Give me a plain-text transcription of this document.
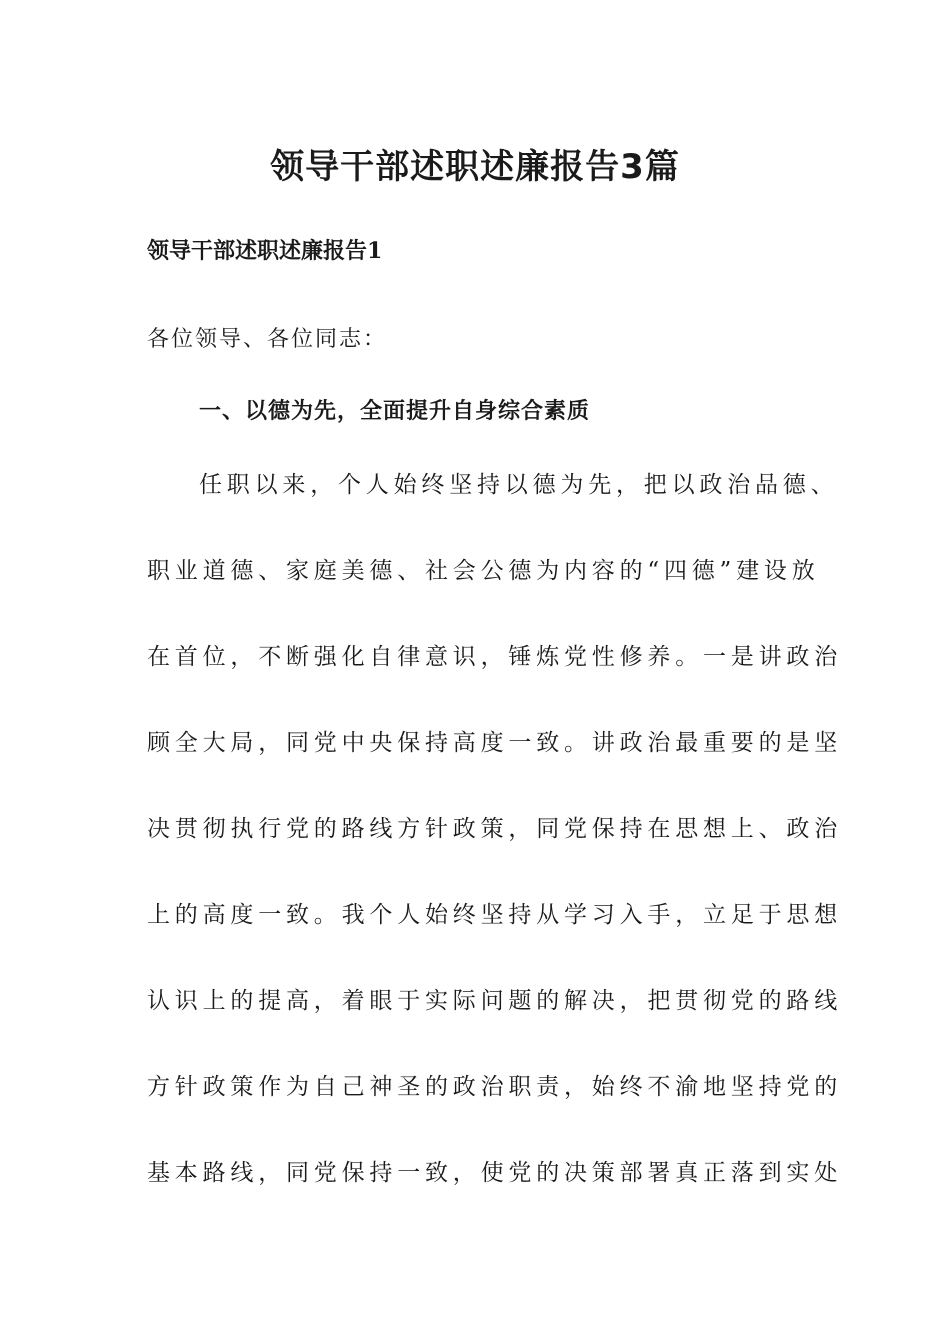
领导干部述职述廉报告3篇
领导干部述职述廉报告1
各位领导、各位同志：
一、以德为先，全面提升自身综合素质
任职以来，个人始终坚持以德为先，把以政治品德、
职业道德、家庭美德、社会公德为内容的“四德”建设放
在首位，不断强化自律意识，锤炼党性修养。一是讲政治
顾全大局，同党中央保持高度一致。讲政治最重要的是坚
决贯彻执行党的路线方针政策，同党保持在思想上、政治
上的高度一致。我个人始终坚持从学习入手，立足于思想
认识上的提高，着眼于实际问题的解决，把贯彻党的路线
方针政策作为自己神圣的政治职责，始终不渝地坚持党的
基本路线，同党保持一致，使党的决策部署真正落到实处
